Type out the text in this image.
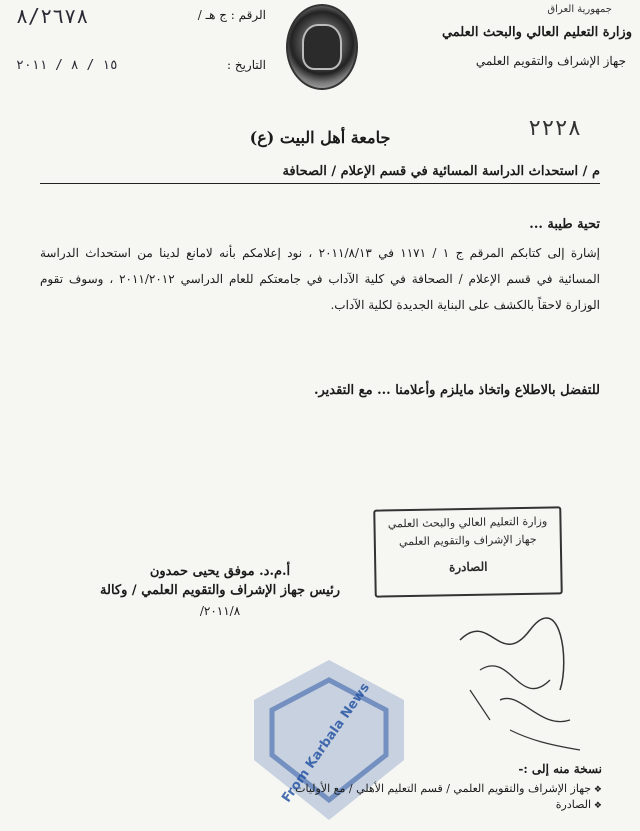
جمهورية العراق
وزارة التعليم العالي والبحث العلمي
جهاز الإشراف والتقويم العلمي
الرقم : ج هـ /
٨/٢٦٧٨
التاريخ :
١٥ / ٨ / ٢٠١١
٢٢٢٨
جامعة أهل البيت (ع)
م / استحداث الدراسة المسائية في قسم الإعلام / الصحافة
تحية طيبة ...
إشارة إلى كتابكم المرقم ج ١ / ١١٧١ في ٢٠١١/٨/١٣ ، نود إعلامكم بأنه لامانع لدينا من استحداث الدراسة المسائية في قسم الإعلام / الصحافة في كلية الآداب في جامعتكم للعام الدراسي ٢٠١١/٢٠١٢ ، وسوف تقوم الوزارة لاحقاً بالكشف على البناية الجديدة لكلية الآداب.
للتفضل بالاطلاع واتخاذ مايلزم وأعلامنا ... مع التقدير.
وزارة التعليم العالي والبحث العلمي
جهاز الإشراف والتقويم العلمي
الصادرة
أ.م.د. موفق يحيى حمدون
رئيس جهاز الإشراف والتقويم العلمي / وكالة
٢٠١١/٨/
From Karbala News	نسخة منه إلى :-
❖ جهاز الإشراف والتقويم العلمي / قسم التعليم الأهلي / مع الأوليات
❖ الصادرة
